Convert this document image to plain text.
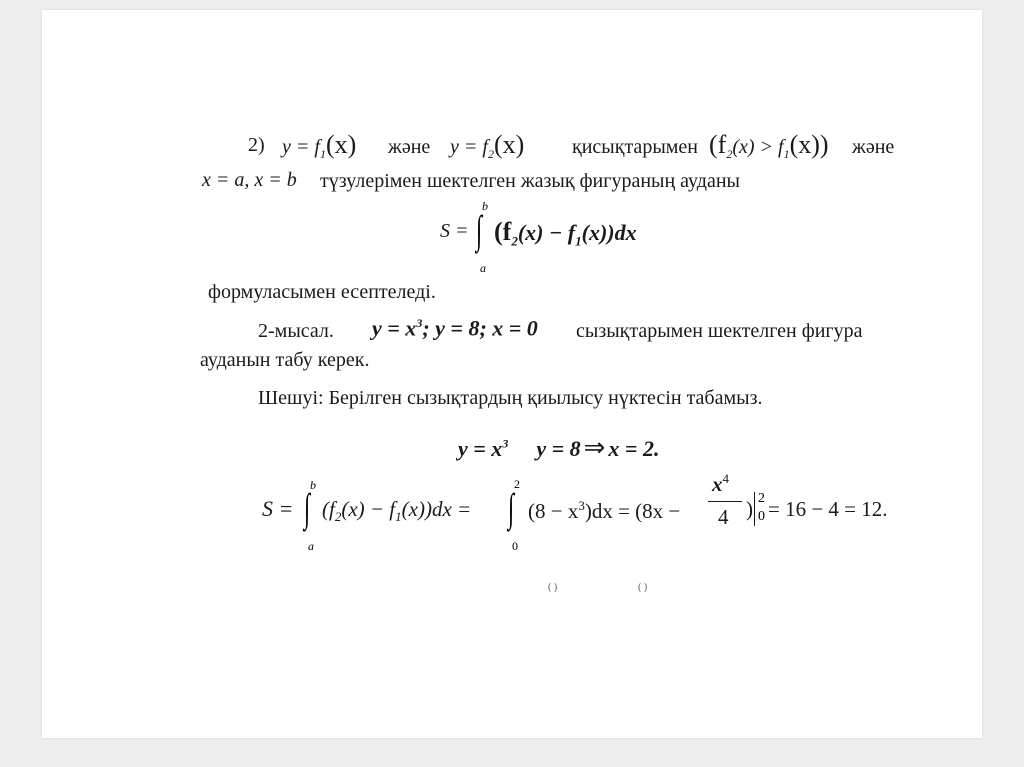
2) $y = f_1(x)$ және $y = f_2(x)$ қисықтарымен $(f_2(x) > f_1(x))$ және
x = a, x = b түзулерімен шектелген жазық фигураның ауданы
S =
b
∫
a
$(f_2(x) - f_1(x))dx$
формуласымен есептеледі.
2-мысал. $y = x^3$; y = 8; x = 0 сызықтарымен шектелген фигура
ауданын табу керек.
Шешуі: Берілген сызықтардың қиылысу нүктесін табамыз.
$y = x^3$ y = 8 ⇒ x = 2.
S =
b
∫
a
$(f_2(x) - f_1(x))dx$ =
2
∫
0
$(8 - x^3)dx = (8x$ −
$x^4$
4 ) 2
0 = 16 − 4 = 12.
( )	( )
